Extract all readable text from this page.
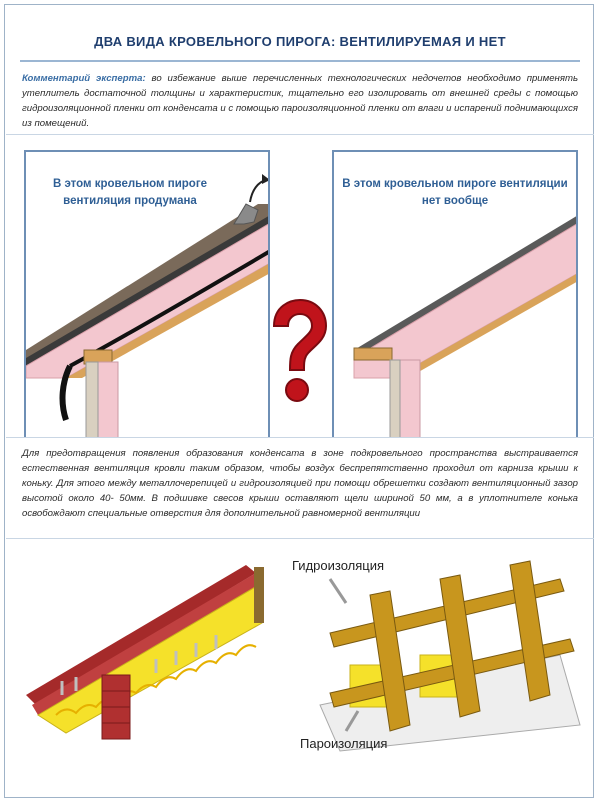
ДВА ВИДА КРОВЕЛЬНОГО ПИРОГА: ВЕНТИЛИРУЕМАЯ И НЕТ
Комментарий эксперта: во избежание выше перечисленных технологических недочетов необходимо применять утеплитель достаточной толщины и характеристик, тщательно его изолировать от внешней среды с помощью гидроизоляционной пленки от конденсата и с помощью пароизоляционной пленки от влаги и испарений поднимающихся из помещений.
В этом кровельном пироге вентиляция продумана
В этом кровельном пироге вентиляции нет вообще
Для предотвращения появления образования конденсата в зоне подкровельного пространства выстраивается естественная вентиляция кровли таким образом, чтобы воздух беспрепятственно проходил от карниза крыши к коньку. Для этого между металлочерепицей и гидроизоляцией при помощи обрешетки создают вентиляционный зазор высотой около 40- 50мм. В подшивке свесов крыши оставляют щели шириной 50 мм, а в уплотнителе конька освобождают специальные отверстия для дополнительной равномерной вентиляции
Гидроизоляция
Пароизоляция
